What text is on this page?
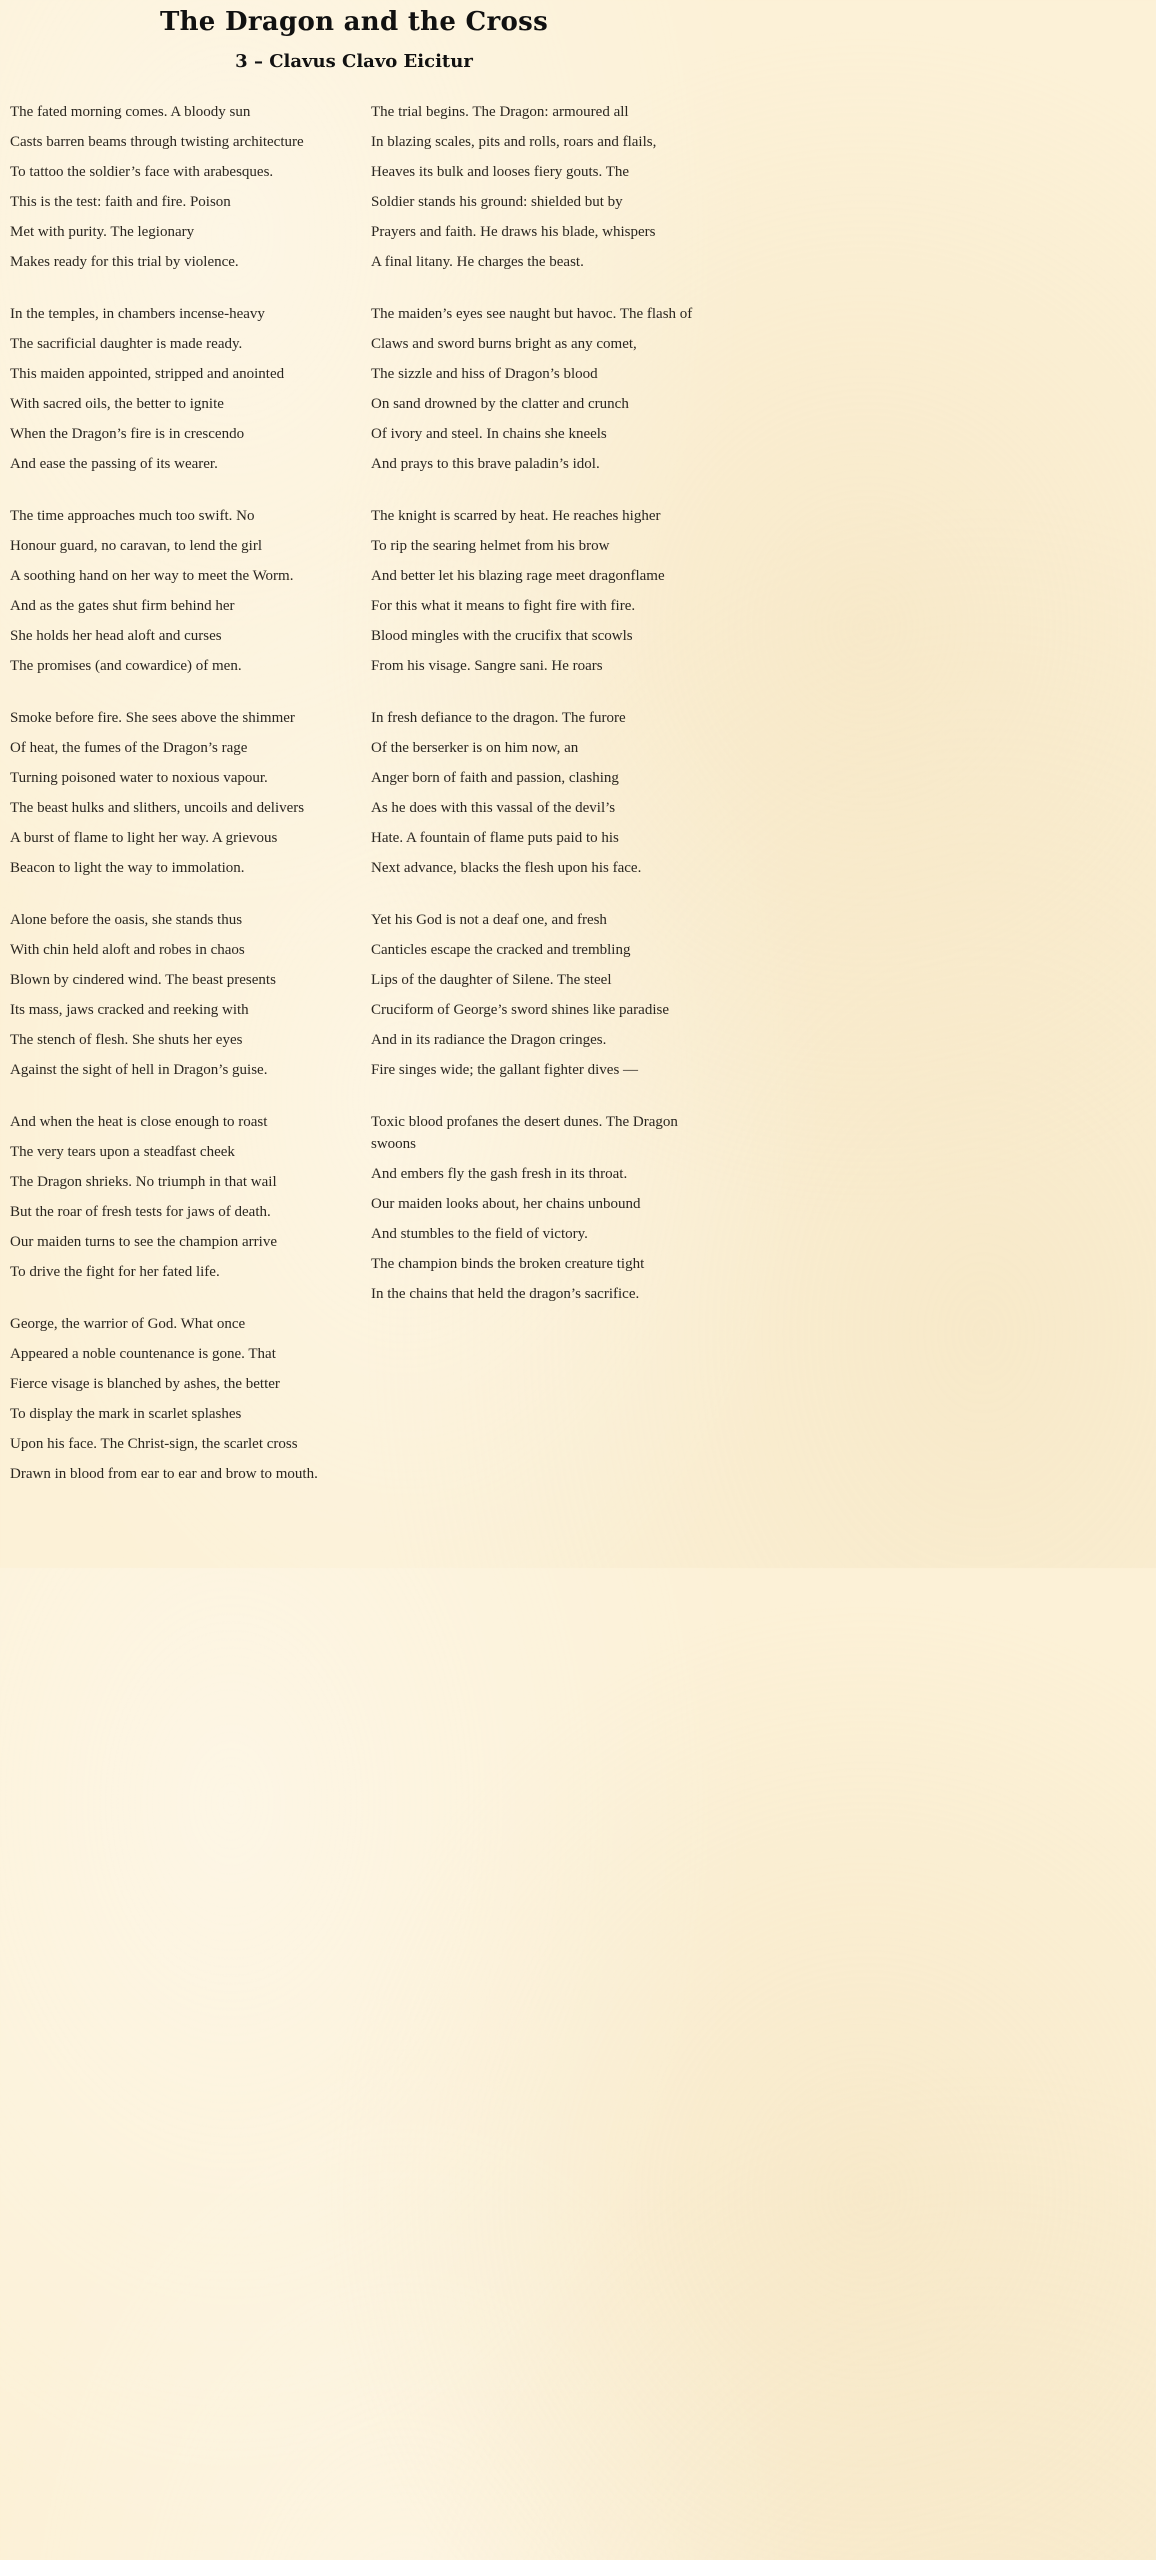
The Dragon and the Cross
3 – Clavus Clavo Eicitur
The fated morning comes. A bloody sun
Casts barren beams through twisting architecture
To tattoo the soldier’s face with arabesques.
This is the test: faith and fire. Poison
Met with purity. The legionary
Makes ready for this trial by violence.
In the temples, in chambers incense-heavy
The sacrificial daughter is made ready.
This maiden appointed, stripped and anointed
With sacred oils, the better to ignite
When the Dragon’s fire is in crescendo
And ease the passing of its wearer.
The time approaches much too swift. No
Honour guard, no caravan, to lend the girl
A soothing hand on her way to meet the Worm.
And as the gates shut firm behind her
She holds her head aloft and curses
The promises (and cowardice) of men.
Smoke before fire. She sees above the shimmer
Of heat, the fumes of the Dragon’s rage
Turning poisoned water to noxious vapour.
The beast hulks and slithers, uncoils and delivers
A burst of flame to light her way. A grievous
Beacon to light the way to immolation.
Alone before the oasis, she stands thus
With chin held aloft and robes in chaos
Blown by cindered wind. The beast presents
Its mass, jaws cracked and reeking with
The stench of flesh. She shuts her eyes
Against the sight of hell in Dragon’s guise.
And when the heat is close enough to roast
The very tears upon a steadfast cheek
The Dragon shrieks. No triumph in that wail
But the roar of fresh tests for jaws of death.
Our maiden turns to see the champion arrive
To drive the fight for her fated life.
George, the warrior of God. What once
Appeared a noble countenance is gone. That
Fierce visage is blanched by ashes, the better
To display the mark in scarlet splashes
Upon his face. The Christ-sign, the scarlet cross
Drawn in blood from ear to ear and brow to mouth.
The trial begins. The Dragon: armoured all
In blazing scales, pits and rolls, roars and flails,
Heaves its bulk and looses fiery gouts. The
Soldier stands his ground: shielded but by
Prayers and faith. He draws his blade, whispers
A final litany. He charges the beast.
The maiden’s eyes see naught but havoc. The flash of
Claws and sword burns bright as any comet,
The sizzle and hiss of Dragon’s blood
On sand drowned by the clatter and crunch
Of ivory and steel. In chains she kneels
And prays to this brave paladin’s idol.
The knight is scarred by heat. He reaches higher
To rip the searing helmet from his brow
And better let his blazing rage meet dragonflame
For this what it means to fight fire with fire.
Blood mingles with the crucifix that scowls
From his visage. Sangre sani. He roars
In fresh defiance to the dragon. The furore
Of the berserker is on him now, an
Anger born of faith and passion, clashing
As he does with this vassal of the devil’s
Hate. A fountain of flame puts paid to his
Next advance, blacks the flesh upon his face.
Yet his God is not a deaf one, and fresh
Canticles escape the cracked and trembling
Lips of the daughter of Silene. The steel
Cruciform of George’s sword shines like paradise
And in its radiance the Dragon cringes.
Fire singes wide; the gallant fighter dives —
Toxic blood profanes the desert dunes. The Dragon swoons
And embers fly the gash fresh in its throat.
Our maiden looks about, her chains unbound
And stumbles to the field of victory.
The champion binds the broken creature tight
In the chains that held the dragon’s sacrifice.
